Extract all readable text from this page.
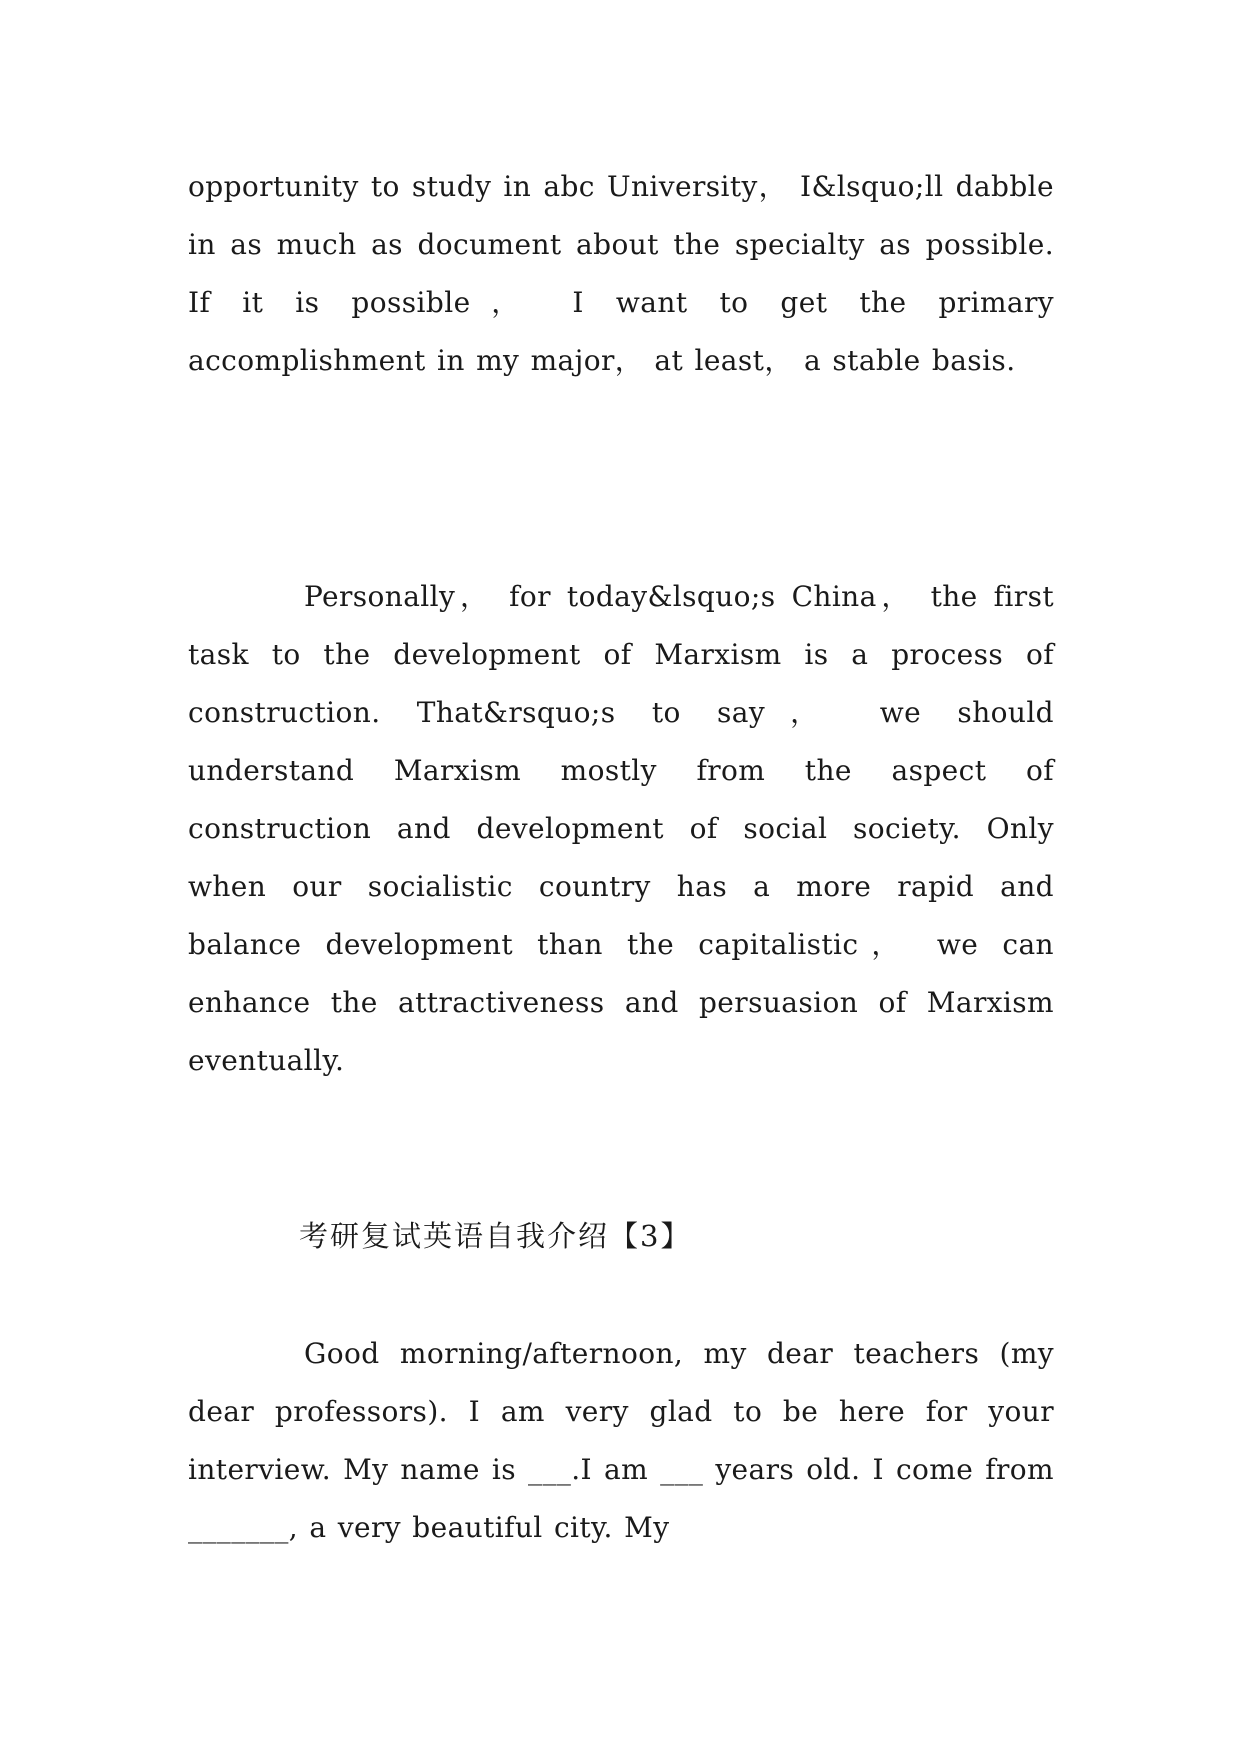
opportunity to study in abc University， I&lsquo;ll dabble in as much as document about the specialty as possible. If it is possible， I want to get the primary accomplishment in my major， at least， a stable basis.

Personally， for today&lsquo;s China， the first task to the development of Marxism is a process of construction. That&rsquo;s to say， we should understand Marxism mostly from the aspect of construction and development of social society. Only when our socialistic country has a more rapid and balance development than the capitalistic， we can enhance the attractiveness and persuasion of Marxism eventually.

考研复试英语自我介绍【3】

Good morning/afternoon, my dear teachers (my dear professors). I am very glad to be here for your interview. My name is ___.I am ___ years old. I come from _______, a very beautiful city. My
